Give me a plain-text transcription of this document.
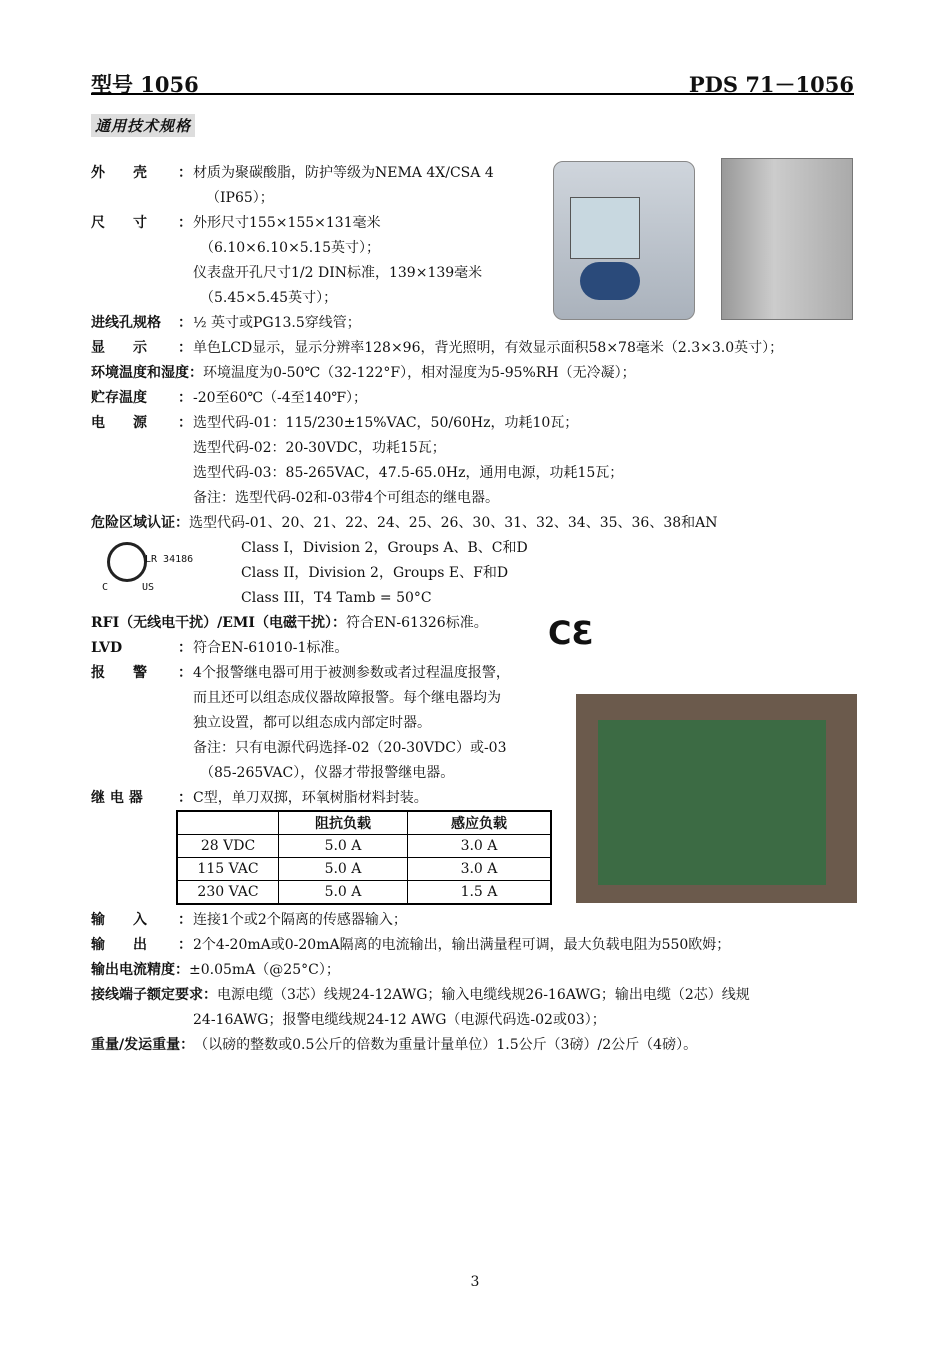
型号 1056	PDS 71－1056
通用技术规格
外　　壳 ：材质为聚碳酸脂，防护等级为NEMA 4X/CSA 4
（IP65）；
尺　　寸 ：外形尺寸155×155×131毫米
（6.10×6.10×5.15英寸）；
仪表盘开孔尺寸1/2 DIN标准，139×139毫米
（5.45×5.45英寸）；
进线孔规格 ：½ 英寸或PG13.5穿线管；
显　　示 ：单色LCD显示，显示分辨率128×96，背光照明，有效显示面积58×78毫米（2.3×3.0英寸）；
环境温度和湿度：环境温度为0-50℃（32-122°F），相对湿度为5-95%RH（无冷凝）；
贮存温度 ：-20至60℃（-4至140℉）；
电　　源 ：选型代码-01：115/230±15%VAC，50/60Hz，功耗10瓦；
选型代码-02：20-30VDC，功耗15瓦；
选型代码-03：85-265VAC，47.5-65.0Hz，通用电源，功耗15瓦；
备注：选型代码-02和-03带4个可组态的继电器。
危险区域认证：选型代码-01、20、21、22、24、25、26、30、31、32、34、35、36、38和AN
LR 34186
C	US
Class I，Division 2，Groups A、B、C和D
Class II，Division 2，Groups E、F和D
Class III，T4 Tamb = 50°C
RFI（无线电干扰）/EMI（电磁干扰）：符合EN-61326标准。 CƐ
LVD	：符合EN-61010-1标准。
报　　警 ：4个报警继电器可用于被测参数或者过程温度报警，
而且还可以组态成仪器故障报警。每个继电器均为
独立设置，都可以组态成内部定时器。
备注：只有电源代码选择-02（20-30VDC）或-03
（85-265VAC），仪器才带报警继电器。
继 电 器	：C型，单刀双掷，环氧树脂材料封装。
	阻抗负载	感应负载
28 VDC	5.0 A	3.0 A
115 VAC	5.0 A	3.0 A
230 VAC	5.0 A	1.5 A
输　　入 ：连接1个或2个隔离的传感器输入；
输　　出 ：2个4-20mA或0-20mA隔离的电流输出，输出满量程可调，最大负载电阻为550欧姆；
输出电流精度：±0.05mA（@25°C）；
接线端子额定要求：电源电缆（3芯）线规24-12AWG；输入电缆线规26-16AWG；输出电缆（2芯）线规
24-16AWG；报警电缆线规24-12 AWG（电源代码选-02或03）；
重量/发运重量：（以磅的整数或0.5公斤的倍数为重量计量单位）1.5公斤（3磅）/2公斤（4磅）。
3
